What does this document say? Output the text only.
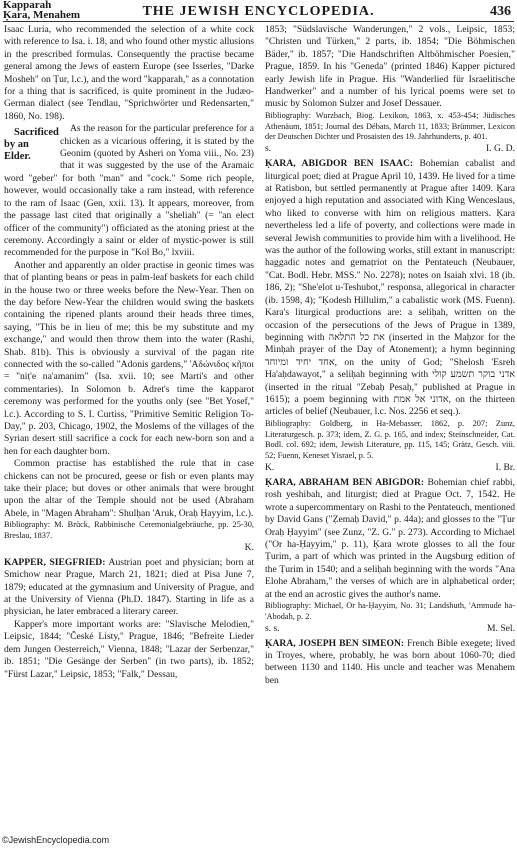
Kapparah
Ḳara, Menahem	THE JEWISH ENCYCLOPEDIA.	436

Isaac Luria, who recommended the selection of a white cock with reference to Isa. i. 18, and who found other mystic allusions in the prescribed formulas. Consequently the practise became general among the Jews of eastern Europe (see Isserles, "Darke Mosheh" on Ṭur, l.c.), and the word "kapparah," as a connotation for a thing that is sacrificed, is quite prominent in the Judæo-German dialect (see Tendlau, "Sprichwörter und Redensarten," 1860, No. 198).

Sacrificed by an Elder.
As the reason for the particular preference for a chicken as a vicarious offering, it is stated by the Geonim (quoted by Asheri on Yoma viii., No. 23) that it was suggested by the use of the Aramaic word "geber" for both "man" and "cock." Some rich people, however, would occasionally take a ram instead, with reference to the ram of Isaac (Gen, xxii. 13). It appears, moreover, from the passage last cited that originally a "sheliah" (= "an elect officer of the community") officiated as the atoning priest at the ceremony. Accordingly a saint or elder of mystic-power is still recommended for the purpose in "Kol Bo," lxviii.

Another and apparently an older practise in geonic times was that of planting beans or peas in palm-leaf baskets for each child in the house two or three weeks before the New-Year. Then on the day before New-Year the children would swing the baskets containing the ripened plants around their heads three times, saying, "This be in lieu of me; this be my substitute and my exchange," and would then throw them into the water (Rashi, Shab. 81b). This is obviously a survival of the pagan rite connected with the so-called "Adonis gardens," 'Αδώνιδος κῆποι = "niṭ'e na'amanim" (Isa. xvii. 10; see Marti's and other commentaries). In Solomon b. Adret's time the kapparot ceremony was performed for the youths only (see "Bet Yosef," l.c.). According to S. I. Curtiss, "Primitive Semitic Religion To-Day," p. 203, Chicago, 1902, the Moslems of the villages of the Syrian desert still sacrifice a cock for each new-born son and a hen for each daughter born.

Common practise has established the rule that in case chickens can not be procured, geese or fish or even plants may take their place; but doves or other animals that were brought upon the altar of the Temple should not be used (Abraham Abele, in "Magen Abraham": Shulḥan 'Aruk, Oraḥ Ḥayyim, l.c.).

Bibliography: M. Brück, Rabbinische Ceremonialgebräuche, pp. 25-30, Breslau, 1837.

K.

KAPPER, SIEGFRIED: Austrian poet and physician; born at Smichow near Prague, March 21, 1821; died at Pisa June 7, 1879; educated at the gymnasium and University of Prague, and at the University of Vienna (Ph.D. 1847). Starting in life as a physician, he later embraced a literary career.

Kapper's more important works are: "Slavische Melodien," Leipsic, 1844; "České Listy," Prague, 1846; "Befreite Lieder dem Jungen Oesterreich," Vienna, 1848; "Lazar der Serbenzar," ib. 1851; "Die Gesänge der Serben" (in two parts), ib. 1852; "Fürst Lazar," Leipsic, 1853; "Falk," Dessau,

1853; "Südslavische Wanderungen," 2 vols., Leipsic, 1853; "Christen und Türken," 2 parts, ib. 1854; "Die Böhmischen Bäder," ib. 1857; "Die Handschriften Altböhmischer Poesien," Prague, 1859. In his "Geneda" (printed 1846) Kapper pictured early Jewish life in Prague. His "Wanderlied für Israelitische Handwerker" and a number of his lyrical poems were set to music by Solomon Sulzer and Josef Dessauer.

Bibliography: Wurzbach, Biog. Lexikon, 1863, x. 453-454; Jüdisches Athenäum, 1851; Journal des Débats, March 11, 1833; Brümmer, Lexicon der Deutschen Dichter und Prosaisten des 19. Jahrhunderts, p. 401.

s.	I. G. D.

ḲARA, ABIGDOR BEN ISAAC: Bohemian cabalist and liturgical poet; died at Prague April 10, 1439. He lived for a time at Ratisbon, but settled permanently at Prague after 1409. Ḳara enjoyed a high reputation and associated with King Wenceslaus, who liked to converse with him on religious matters. Ḳara nevertheless led a life of poverty, and collections were made in several Jewish communities to provide him with a livelihood. He was the author of the following works, still extant in manuscript: haggadic notes and gemaṭriot on the Pentateuch (Neubauer, "Cat. Bodl. Hebr. MSS." No. 2278); notes on Isaiah xlvi. 18 (ib. 186, 2); "She'elot u-Teshubot," responsa, allegorical in character (ib. 1598, 4); "Ḳodesh Hillulim," a cabalistic work (MS. Fuenn). Kara's liturgical productions are: a seliḥah, written on the occasion of the persecutions of the Jews of Prague in 1389, beginning with את כל התלאה (inserted in the Maḥzor for the Minḥah prayer of the Day of Atonement); a hymn beginning אחד יחיד ומיוחד, on the unity of God; "Shelosh 'Esreh Ha'aḥdawayot," a seliḥah beginning with אדני בוקר תשמע קולי (inserted in the ritual "Zebaḥ Pesaḥ," published at Prague in 1615); a poem beginning with אדוני אל אמת, on the thirteen articles of belief (Neubauer, l.c. Nos. 2256 et seq.).

Bibliography: Goldberg, in Ha-Mebasser, 1862, p. 207; Zunz, Literaturgesch. p. 373; idem, Z. G. p. 165, and index; Steinschneider, Cat. Bodl. col. 692; idem, Jewish Literature, pp. 115, 145; Grätz, Gesch. viii. 52; Fuenn, Keneset Yisrael, p. 5.

K.	I. Br.

ḲARA, ABRAHAM BEN ABIGDOR: Bohemian chief rabbi, rosh yeshibah, and liturgist; died at Prague Oct. 7, 1542. He wrote a supercommentary on Rashi to the Pentateuch, mentioned by David Gans ("Ẓemaḥ David," p. 44a); and glosses to the "Ṭur Oraḥ Ḥayyim" (see Zunz, "Z. G." p. 273). According to Michael ("Or ha-Ḥayyim," p. 11), Ḳara wrote glosses to all the four Ṭurim, a part of which was printed in the Augsburg edition of the Ṭurim in 1540; and a seliḥah beginning with the words "Ana Elohe Abraham," the verses of which are in alphabetical order; at the end an acrostic gives the author's name.

Bibliography: Michael, Or ha-Ḥayyim, No. 31; Landshuth, 'Ammude ha-'Abodah, p. 2.

s. s.	M. Sel.

ḲARA, JOSEPH BEN SIMEON: French Bible exegete; lived in Troyes, where, probably, he was born about 1060-70; died between 1130 and 1140. His uncle and teacher was Menahem ben

©JewishEncyclopedia.com
